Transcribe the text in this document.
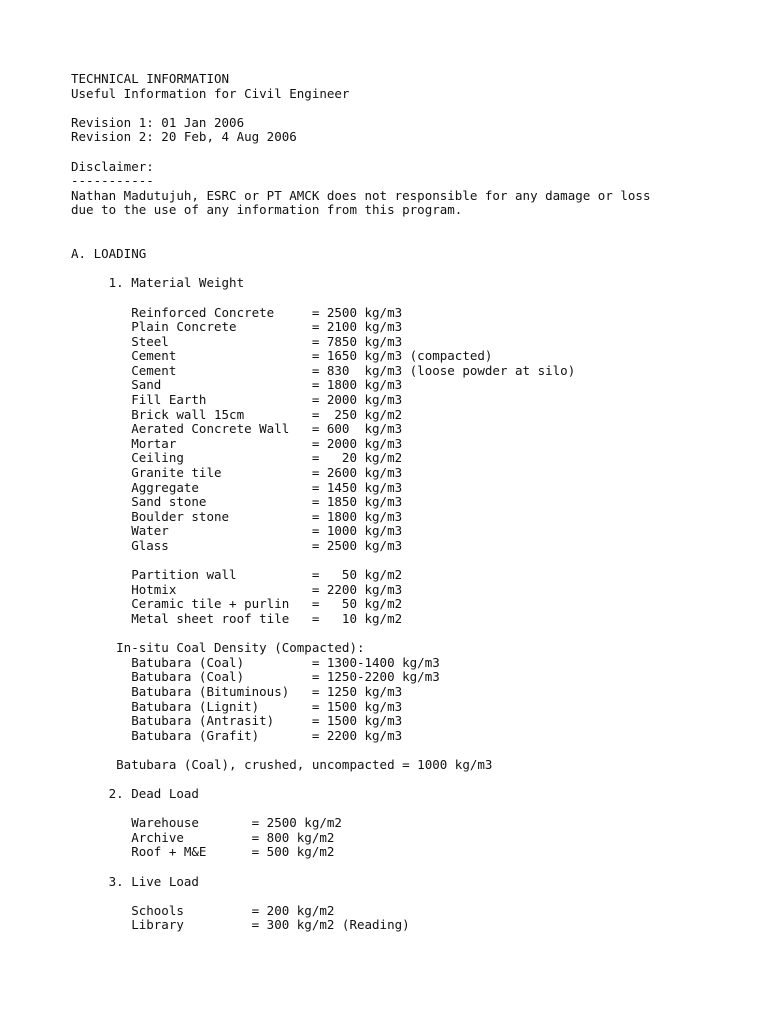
TECHNICAL INFORMATION
Useful Information for Civil Engineer
Revision 1: 01 Jan 2006
Revision 2: 20 Feb, 4 Aug 2006
Disclaimer:
-----------
Nathan Madutujuh, ESRC or PT AMCK does not responsible for any damage or loss
due to the use of any information from this program.
A. LOADING
1. Material Weight
Reinforced Concrete     = 2500 kg/m3
Plain Concrete          = 2100 kg/m3
Steel                   = 7850 kg/m3
Cement                  = 1650 kg/m3 (compacted)
Cement                  = 830  kg/m3 (loose powder at silo)
Sand                    = 1800 kg/m3
Fill Earth              = 2000 kg/m3
Brick wall 15cm         =  250 kg/m2
Aerated Concrete Wall   = 600  kg/m3
Mortar                  = 2000 kg/m3
Ceiling                 =   20 kg/m2
Granite tile            = 2600 kg/m3
Aggregate               = 1450 kg/m3
Sand stone              = 1850 kg/m3
Boulder stone           = 1800 kg/m3
Water                   = 1000 kg/m3
Glass                   = 2500 kg/m3
Partition wall          =   50 kg/m2
Hotmix                  = 2200 kg/m3
Ceramic tile + purlin   =   50 kg/m2
Metal sheet roof tile   =   10 kg/m2
In-situ Coal Density (Compacted):
Batubara (Coal)         = 1300-1400 kg/m3
Batubara (Coal)         = 1250-2200 kg/m3
Batubara (Bituminous)   = 1250 kg/m3
Batubara (Lignit)       = 1500 kg/m3
Batubara (Antrasit)     = 1500 kg/m3
Batubara (Grafit)       = 2200 kg/m3
Batubara (Coal), crushed, uncompacted = 1000 kg/m3
2. Dead Load
Warehouse       = 2500 kg/m2
Archive         = 800 kg/m2
Roof + M&E      = 500 kg/m2
3. Live Load
Schools         = 200 kg/m2
Library         = 300 kg/m2 (Reading)
